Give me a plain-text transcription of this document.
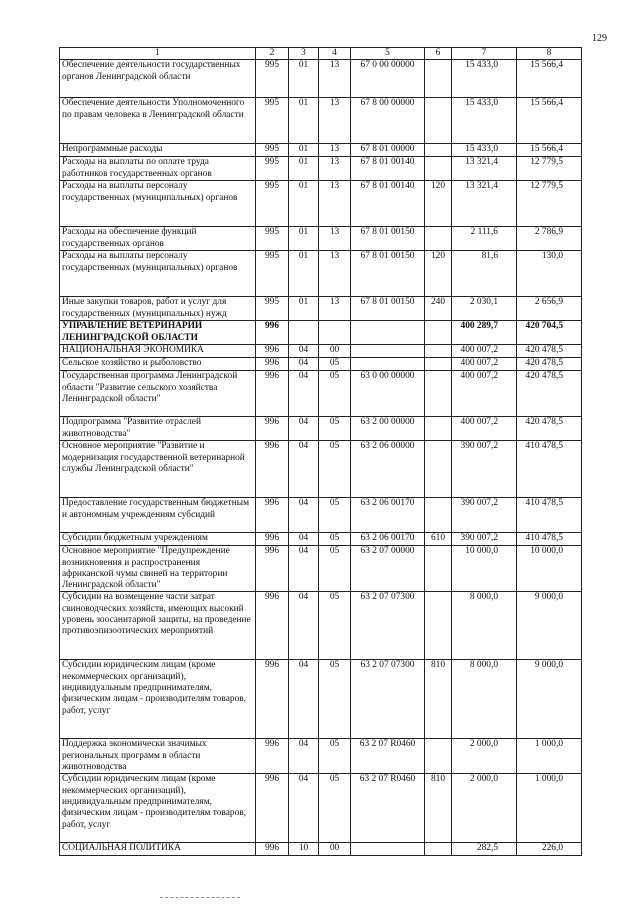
129
1	2	3	4	5	6	7	8
Обеспечение деятельности государственных органов Ленинградской области	995	01	13	67 0 00 00000		15 433,0	15 566,4
Обеспечение деятельности Уполномоченного по правам человека в Ленинградской области	995	01	13	67 8 00 00000		15 433,0	15 566,4
Непрограммные расходы	995	01	13	67 8 01 00000		15 433,0	15 566,4
Расходы на выплаты по оплате труда работников государственных органов	995	01	13	67 8 01 00140		13 321,4	12 779,5
Расходы на выплаты персоналу государственных (муниципальных) органов	995	01	13	67 8 01 00140	120	13 321,4	12 779,5
Расходы на обеспечение функций государственных органов	995	01	13	67 8 01 00150		2 111,6	2 786,9
Расходы на выплаты персоналу государственных (муниципальных) органов	995	01	13	67 8 01 00150	120	81,6	130,0
Иные закупки товаров, работ и услуг для государственных (муниципальных) нужд	995	01	13	67 8 01 00150	240	2 030,1	2 656,9
УПРАВЛЕНИЕ ВЕТЕРИНАРИИ ЛЕНИНГРАДСКОЙ ОБЛАСТИ	996					400 289,7	420 704,5
НАЦИОНАЛЬНАЯ ЭКОНОМИКА	996	04	00			400 007,2	420 478,5
Сельское хозяйство и рыболовство	996	04	05			400 007,2	420 478,5
Государственная программа Ленинградской области "Развитие сельского хозяйства Ленинградской области"	996	04	05	63 0 00 00000		400 007,2	420 478,5
Подпрограмма "Развитие отраслей животноводства"	996	04	05	63 2 00 00000		400 007,2	420 478,5
Основное мероприятие "Развитие и модернизация государственной ветеринарной службы Ленинградской области"	996	04	05	63 2 06 00000		390 007,2	410 478,5
Предоставление государственным бюджетным и автономным учреждениям субсидий	996	04	05	63 2 06 00170		390 007,2	410 478,5
Субсидии бюджетным учреждениям	996	04	05	63 2 06 00170	610	390 007,2	410 478,5
Основное мероприятие "Предупреждение возникновения и распространения африканской чумы свиней на территории Ленинградской области"	996	04	05	63 2 07 00000		10 000,0	10 000,0
Субсидии на возмещение части затрат свиноводческих хозяйств, имеющих высокий уровень зоосанитарной защиты, на проведение противоэпизоотических мероприятий	996	04	05	63 2 07 07300		8 000,0	9 000,0
Субсидии юридическим лицам (кроме некоммерческих организаций), индивидуальным предпринимателям, физическим лицам - производителям товаров, работ, услуг	996	04	05	63 2 07 07300	810	8 000,0	9 000,0
Поддержка экономически значимых региональных программ в области животноводства	996	04	05	63 2 07 R0460		2 000,0	1 000,0
Субсидии юридическим лицам (кроме некоммерческих организаций), индивидуальным предпринимателям, физическим лицам - производителям товаров, работ, услуг	996	04	05	63 2 07 R0460	810	2 000,0	1 000,0
СОЦИАЛЬНАЯ ПОЛИТИКА	996	10	00			282,5	226,0
